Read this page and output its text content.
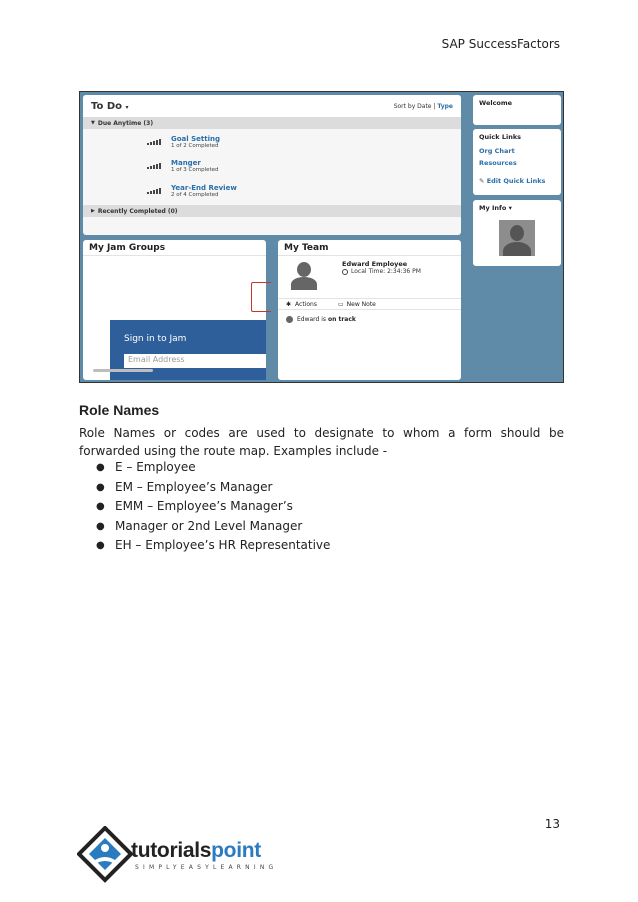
SAP SuccessFactors
To Do ▾	Sort by Date | Type
▼ Due Anytime (3)
Goal Setting
1 of 2 Completed
Manger
1 of 3 Completed
Year-End Review
2 of 4 Completed
▶ Recently Completed (0)
Welcome
Quick Links
Org Chart
Resources
✎ Edit Quick Links
My Info ▾
My Jam Groups
Sign in to Jam
Email Address
My Team
Edward Employee
Local Time: 2:34:36 PM
✱ Actions	▭ New Note
Edward is on track
Role Names
Role Names or codes are used to designate to whom a form should be forwarded using the route map. Examples include -
● E – Employee
● EM – Employee’s Manager
● EMM – Employee’s Manager’s
● Manager or 2nd Level Manager
● EH – Employee’s HR Representative
13
tutorialspoint
SIMPLYEASYLEARNING
